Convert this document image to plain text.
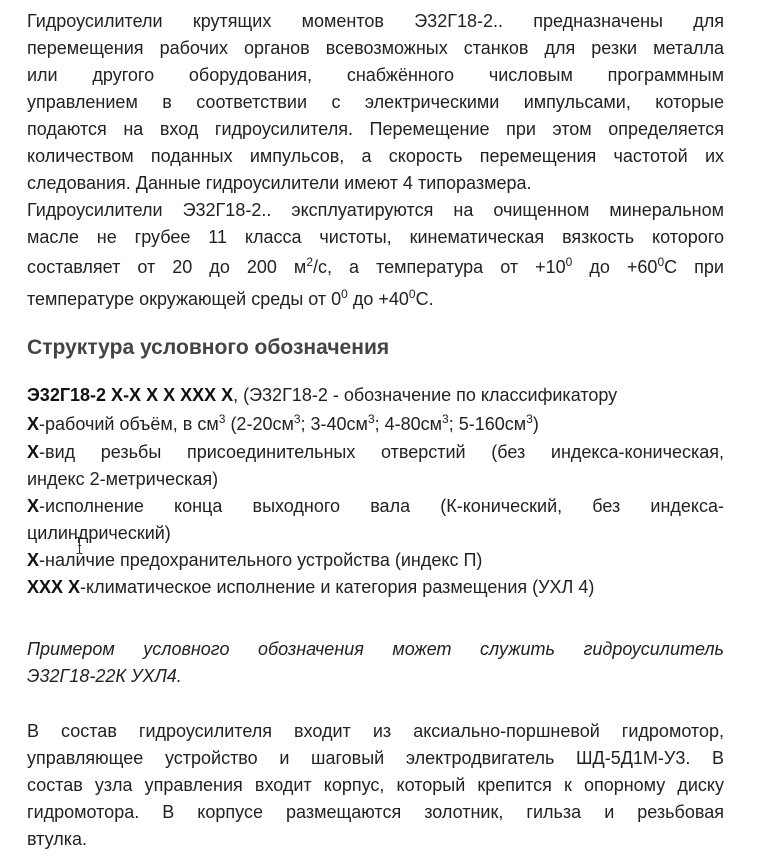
Гидроусилители крутящих моментов Э32Г18-2.. предназначены для
перемещения рабочих органов всевозможных станков для резки металла
или другого оборудования, снабжённого числовым программным
управлением в соответствии с электрическими импульсами, которые
подаются на вход гидроусилителя. Перемещение при этом определяется
количеством поданных импульсов, а скорость перемещения частотой их
следования. Данные гидроусилители имеют 4 типоразмера.
Гидроусилители Э32Г18-2.. эксплуатируются на очищенном минеральном
масле не грубее 11 класса чистоты, кинематическая вязкость которого
составляет от 20 до 200 $м^2/с$, а температура от $+10^0$ до $+60^0С$ при
температуре окружающей среды от $0^0$ до $+40^0С$.
Структура условного обозначения
Э32Г18-2 Х-Х Х Х ХХХ Х, (Э32Г18-2 - обозначение по классификатору
Х-рабочий объём, в $см^3$ ($2-20см^3$; $3-40см^3$; $4-80см^3$; $5-160см^3$)
Х-вид резьбы присоединительных отверстий (без индекса-коническая,
индекс 2-метрическая)
Х-исполнение конца выходного вала (К-конический, без индекса-
цилиндрический)
Х-наличие предохранительного устройства (индекс П)
ХХХ Х-климатическое исполнение и категория размещения (УХЛ 4)
Примером условного обозначения может служить гидроусилитель
Э32Г18-22К УХЛ4.
В состав гидроусилителя входит из аксиально-поршневой гидромотор,
управляющее устройство и шаговый электродвигатель ШД-5Д1М-У3. В
состав узла управления входит корпус, который крепится к опорному диску
гидромотора. В корпусе размещаются золотник, гильза и резьбовая
втулка.
